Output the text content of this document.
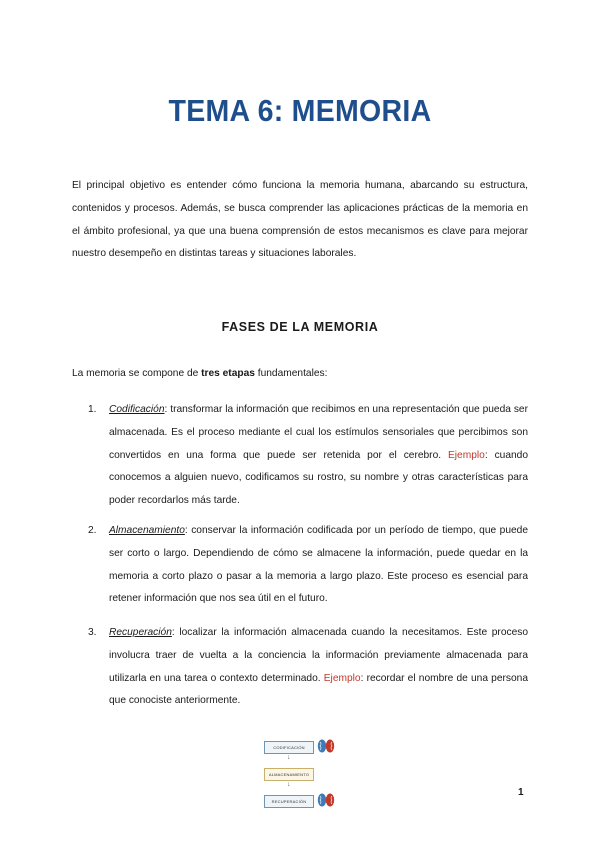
TEMA 6: MEMORIA

El principal objetivo es entender cómo funciona la memoria humana, abarcando su estructura, contenidos y procesos. Además, se busca comprender las aplicaciones prácticas de la memoria en el ámbito profesional, ya que una buena comprensión de estos mecanismos es clave para mejorar nuestro desempeño en distintas tareas y situaciones laborales.

FASES DE LA MEMORIA

La memoria se compone de tres etapas fundamentales:

1. Codificación: transformar la información que recibimos en una representación que pueda ser almacenada. Es el proceso mediante el cual los estímulos sensoriales que percibimos son convertidos en una forma que puede ser retenida por el cerebro. Ejemplo: cuando conocemos a alguien nuevo, codificamos su rostro, su nombre y otras características para poder recordarlos más tarde.

2. Almacenamiento: conservar la información codificada por un período de tiempo, que puede ser corto o largo. Dependiendo de cómo se almacene la información, puede quedar en la memoria a corto plazo o pasar a la memoria a largo plazo. Este proceso es esencial para retener información que nos sea útil en el futuro.

3. Recuperación: localizar la información almacenada cuando la necesitamos. Este proceso involucra traer de vuelta a la conciencia la información previamente almacenada para utilizarla en una tarea o contexto determinado. Ejemplo: recordar el nombre de una persona que conociste anteriormente.

CODIFICACIÓN
↓
ALMACENAMIENTO
↓
RECUPERACIÓN
1
